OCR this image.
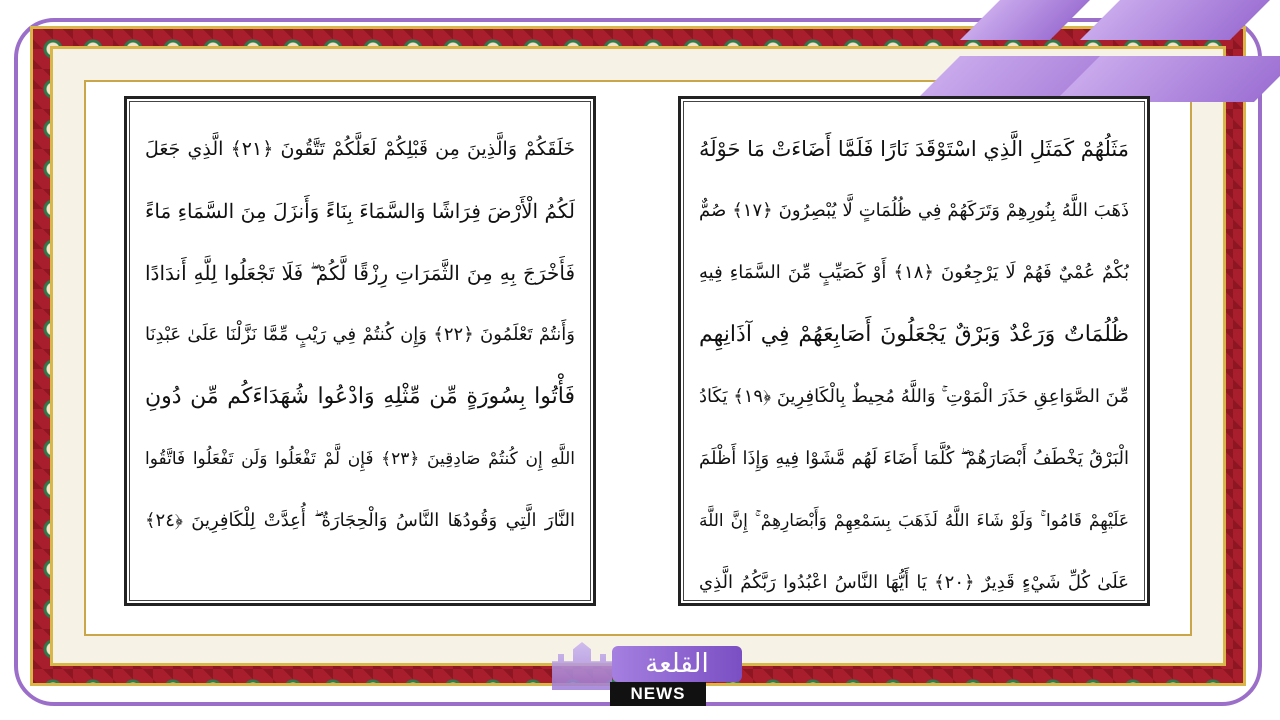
خَلَقَكُمْ وَالَّذِينَ مِن قَبْلِكُمْ لَعَلَّكُمْ تَتَّقُونَ ﴿٢١﴾ الَّذِي جَعَلَ
لَكُمُ الْأَرْضَ فِرَاشًا وَالسَّمَاءَ بِنَاءً وَأَنزَلَ مِنَ السَّمَاءِ مَاءً
فَأَخْرَجَ بِهِ مِنَ الثَّمَرَاتِ رِزْقًا لَّكُمْ ۖ فَلَا تَجْعَلُوا لِلَّهِ أَندَادًا
وَأَنتُمْ تَعْلَمُونَ ﴿٢٢﴾ وَإِن كُنتُمْ فِي رَيْبٍ مِّمَّا نَزَّلْنَا عَلَىٰ عَبْدِنَا
فَأْتُوا بِسُورَةٍ مِّن مِّثْلِهِ وَادْعُوا شُهَدَاءَكُم مِّن دُونِ
اللَّهِ إِن كُنتُمْ صَادِقِينَ ﴿٢٣﴾ فَإِن لَّمْ تَفْعَلُوا وَلَن تَفْعَلُوا فَاتَّقُوا
النَّارَ الَّتِي وَقُودُهَا النَّاسُ وَالْحِجَارَةُ ۖ أُعِدَّتْ لِلْكَافِرِينَ ﴿٢٤﴾
مَثَلُهُمْ كَمَثَلِ الَّذِي اسْتَوْقَدَ نَارًا فَلَمَّا أَضَاءَتْ مَا حَوْلَهُ
ذَهَبَ اللَّهُ بِنُورِهِمْ وَتَرَكَهُمْ فِي ظُلُمَاتٍ لَّا يُبْصِرُونَ ﴿١٧﴾ صُمٌّ
بُكْمٌ عُمْيٌ فَهُمْ لَا يَرْجِعُونَ ﴿١٨﴾ أَوْ كَصَيِّبٍ مِّنَ السَّمَاءِ فِيهِ
ظُلُمَاتٌ وَرَعْدٌ وَبَرْقٌ يَجْعَلُونَ أَصَابِعَهُمْ فِي آذَانِهِم
مِّنَ الصَّوَاعِقِ حَذَرَ الْمَوْتِ ۚ وَاللَّهُ مُحِيطٌ بِالْكَافِرِينَ ﴿١٩﴾ يَكَادُ
الْبَرْقُ يَخْطَفُ أَبْصَارَهُمْ ۖ كُلَّمَا أَضَاءَ لَهُم مَّشَوْا فِيهِ وَإِذَا أَظْلَمَ
عَلَيْهِمْ قَامُوا ۚ وَلَوْ شَاءَ اللَّهُ لَذَهَبَ بِسَمْعِهِمْ وَأَبْصَارِهِمْ ۚ إِنَّ اللَّهَ
عَلَىٰ كُلِّ شَيْءٍ قَدِيرٌ ﴿٢٠﴾ يَا أَيُّهَا النَّاسُ اعْبُدُوا رَبَّكُمُ الَّذِي
القلعة
NEWS
